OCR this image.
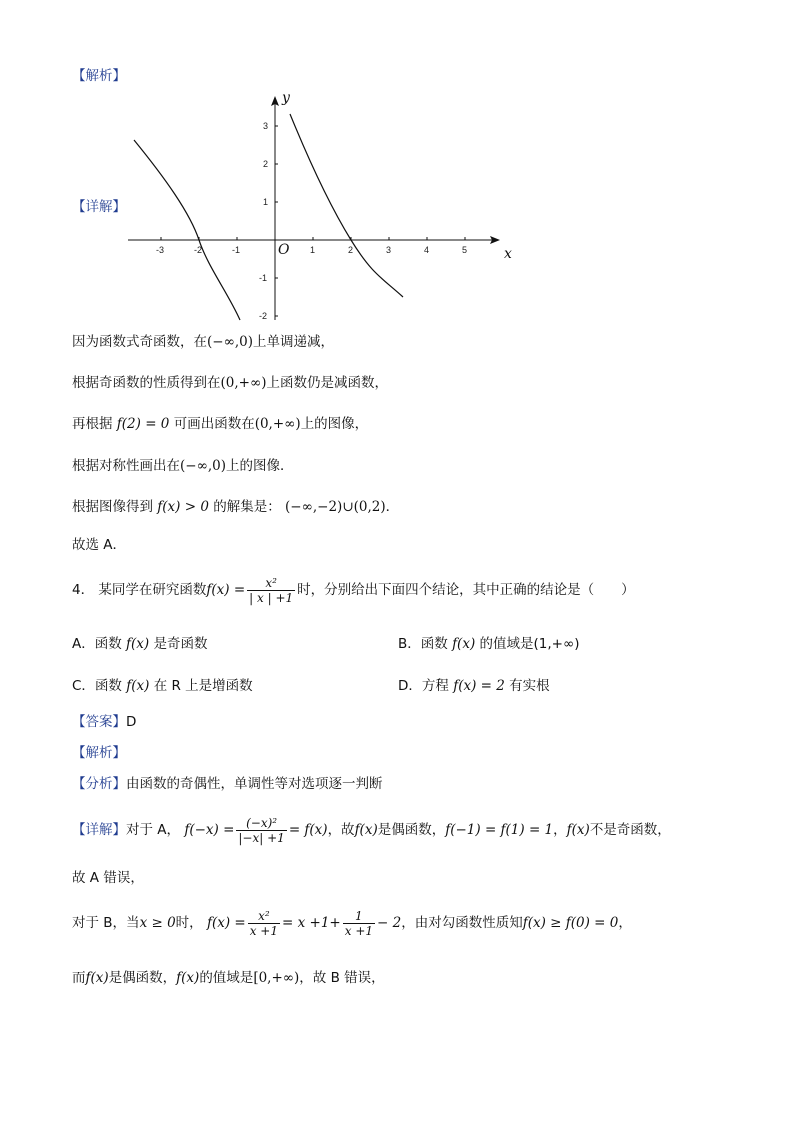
【解析】
x
y
O
-3	-2	-1	1	2	3	4	5
3
2
1
-1
-2
【详解】
因为函数式奇函数，在(−∞,0)上单调递减，
根据奇函数的性质得到在(0,+∞)上函数仍是减函数，
再根据 f(2) = 0 可画出函数在(0,+∞)上的图像，
根据对称性画出在(−∞,0)上的图像．
根据图像得到 f(x) > 0 的解集是： (−∞,−2)∪(0,2)．
故选 A．
4． 某同学在研究函数$f(x) = \frac{\text{x²}}{| x | +1}$ 时，分别给出下面四个结论，其中正确的结论是（　　）
A．函数 f(x) 是奇函数	B．函数 f(x) 的值域是(1,+∞)
C．函数 f(x) 在 R 上是增函数	D．方程 f(x) = 2 有实根
【答案】D
【解析】
【分析】由函数的奇偶性，单调性等对选项逐一判断
【详解】对于 A， $f(-x) = \frac{\text{(−x)²}}{|-x| +1} = f(x)$，故f(x)是偶函数，f(−1) = f(1) = 1，f(x)不是奇函数，
故 A 错误，
对于 B，当x ≥ 0时， $f(x) = \frac{\text{x²}}{x +1} = x +1+ \frac{1}{x +1} - 2$，由对勾函数性质知f(x) ≥ f(0) = 0，
而f(x)是偶函数，f(x)的值域是[0,+∞)，故 B 错误，
